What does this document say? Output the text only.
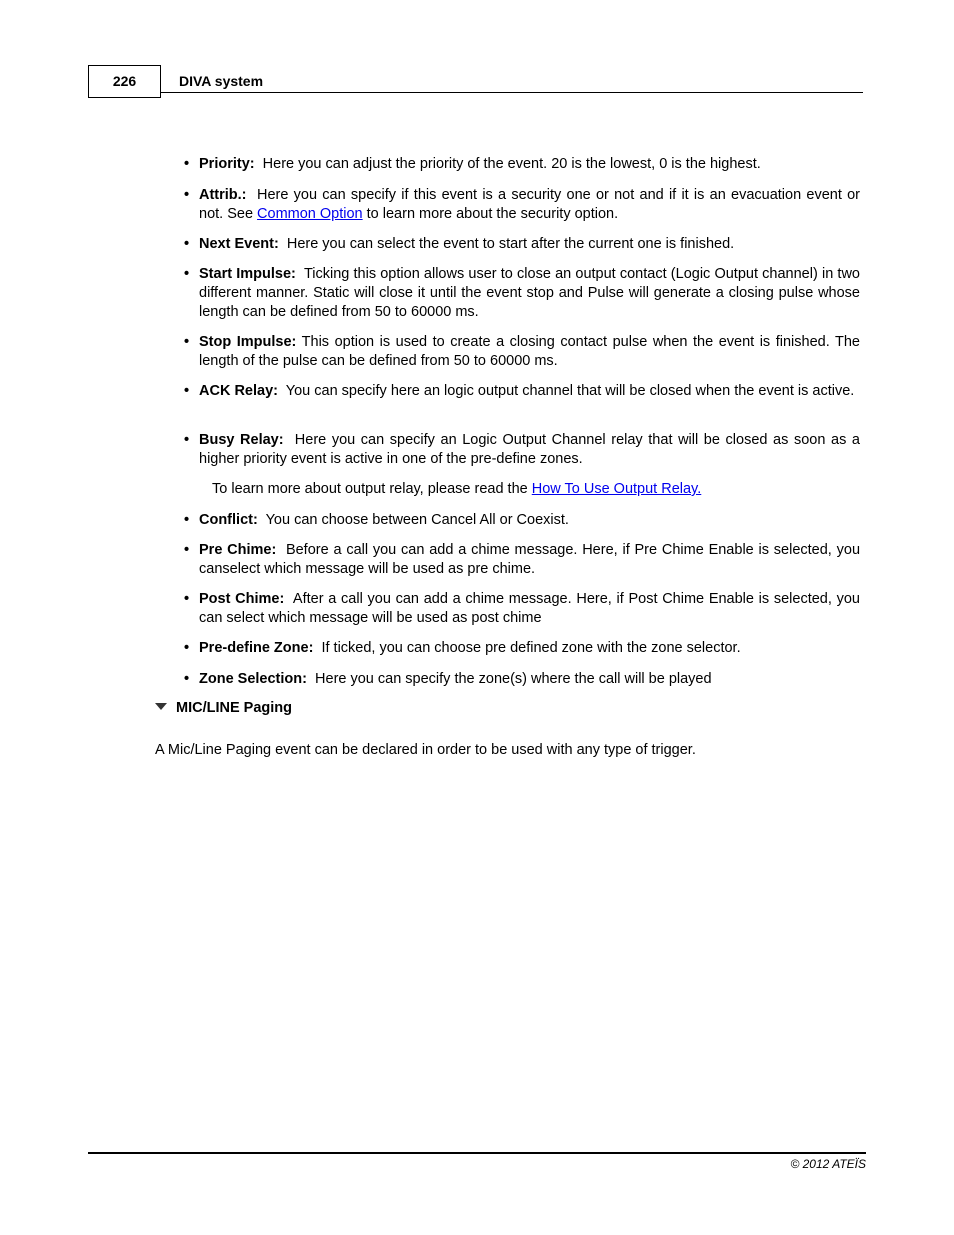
226	DIVA system
• Priority: Here you can adjust the priority of the event. 20 is the lowest, 0 is the highest.
• Attrib.: Here you can specify if this event is a security one or not and if it is an evacuation event or not. See Common Option to learn more about the security option.
• Next Event: Here you can select the event to start after the current one is finished.
• Start Impulse: Ticking this option allows user to close an output contact (Logic Output channel) in two different manner. Static will close it until the event stop and Pulse will generate a closing pulse whose length can be defined from 50 to 60000 ms.
• Stop Impulse: This option is used to create a closing contact pulse when the event is finished. The length of the pulse can be defined from 50 to 60000 ms.
• ACK Relay: You can specify here an logic output channel that will be closed when the event is active.
• Busy Relay: Here you can specify an Logic Output Channel relay that will be closed as soon as a higher priority event is active in one of the pre-define zones.
To learn more about output relay, please read the How To Use Output Relay.
• Conflict: You can choose between Cancel All or Coexist.
• Pre Chime: Before a call you can add a chime message. Here, if Pre Chime Enable is selected, you canselect which message will be used as pre chime.
• Post Chime: After a call you can add a chime message. Here, if Post Chime Enable is selected, you can select which message will be used as post chime
• Pre-define Zone: If ticked, you can choose pre defined zone with the zone selector.
• Zone Selection: Here you can specify the zone(s) where the call will be played
MIC/LINE Paging
A Mic/Line Paging event can be declared in order to be used with any type of trigger.
© 2012 ATEÏS
